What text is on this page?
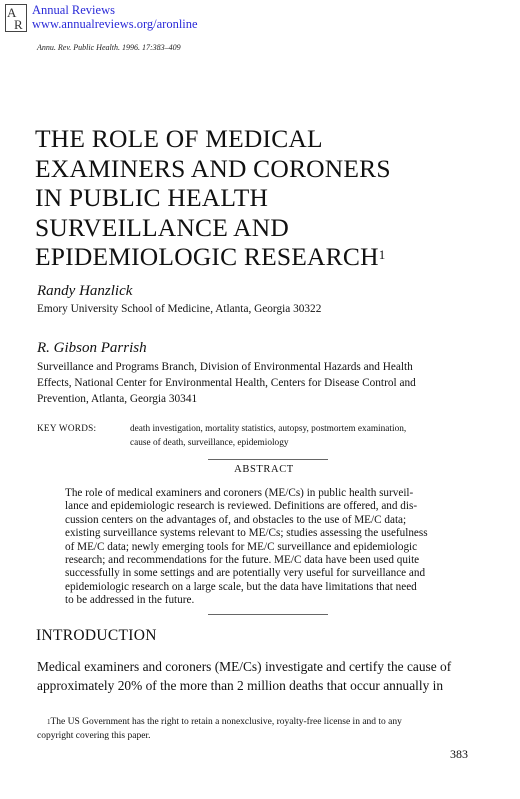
A
R
Annual Reviews
www.annualreviews.org/aronline
Annu. Rev. Public Health. 1996. 17:383–409
THE ROLE OF MEDICAL
EXAMINERS AND CORONERS
IN PUBLIC HEALTH
SURVEILLANCE AND
EPIDEMIOLOGIC RESEARCH$^1$
Randy Hanzlick
Emory University School of Medicine, Atlanta, Georgia 30322
R. Gibson Parrish
Surveillance and Programs Branch, Division of Environmental Hazards and Health
Effects, National Center for Environmental Health, Centers for Disease Control and
Prevention, Atlanta, Georgia 30341
KEY WORDS:	death investigation, mortality statistics, autopsy, postmortem examination,
cause of death, surveillance, epidemiology
ABSTRACT
The role of medical examiners and coroners (ME/Cs) in public health surveil-
lance and epidemiologic research is reviewed. Definitions are offered, and dis-
cussion centers on the advantages of, and obstacles to the use of ME/C data;
existing surveillance systems relevant to ME/Cs; studies assessing the usefulness
of ME/C data; newly emerging tools for ME/C surveillance and epidemiologic
research; and recommendations for the future. ME/C data have been used quite
successfully in some settings and are potentially very useful for surveillance and
epidemiologic research on a large scale, but the data have limitations that need
to be addressed in the future.
INTRODUCTION
Medical examiners and coroners (ME/Cs) investigate and certify the cause of
approximately 20% of the more than 2 million deaths that occur annually in
$^1$The US Government has the right to retain a nonexclusive, royalty-free license in and to any
copyright covering this paper.
383
